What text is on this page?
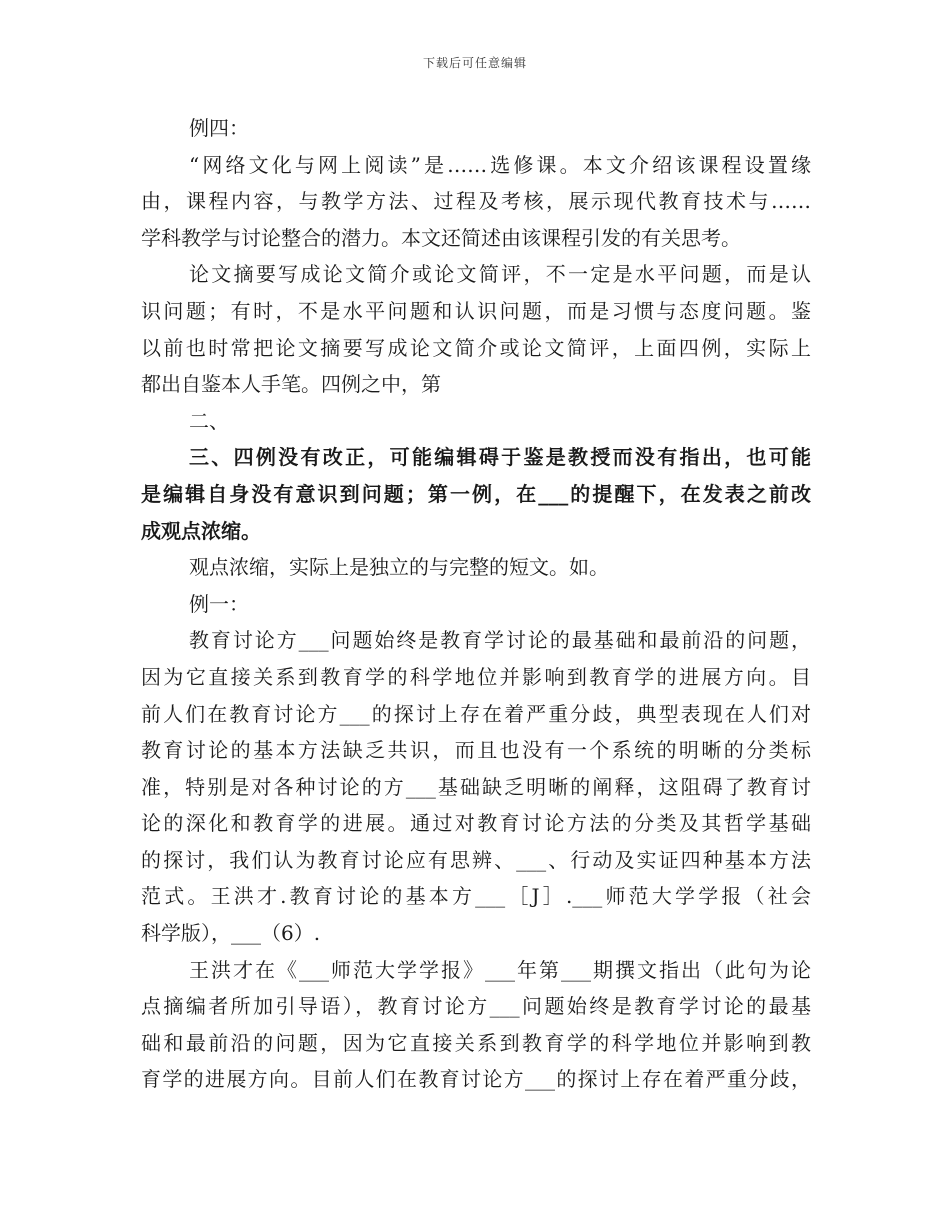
下载后可任意编辑
例四：
“网络文化与网上阅读”是……选修课。本文介绍该课程设置缘
由，课程内容，与教学方法、过程及考核，展示现代教育技术与……
学科教学与讨论整合的潜力。本文还简述由该课程引发的有关思考。
论文摘要写成论文简介或论文简评，不一定是水平问题，而是认
识问题；有时，不是水平问题和认识问题，而是习惯与态度问题。鉴
以前也时常把论文摘要写成论文简介或论文简评，上面四例，实际上
都出自鉴本人手笔。四例之中，第
二、
三、四例没有改正，可能编辑碍于鉴是教授而没有指出，也可能
是编辑自身没有意识到问题；第一例，在___的提醒下，在发表之前改
成观点浓缩。
观点浓缩，实际上是独立的与完整的短文。如。
例一：
教育讨论方___问题始终是教育学讨论的最基础和最前沿的问题，
因为它直接关系到教育学的科学地位并影响到教育学的进展方向。目
前人们在教育讨论方___的探讨上存在着严重分歧，典型表现在人们对
教育讨论的基本方法缺乏共识，而且也没有一个系统的明晰的分类标
准，特别是对各种讨论的方___基础缺乏明晰的阐释，这阻碍了教育讨
论的深化和教育学的进展。通过对教育讨论方法的分类及其哲学基础
的探讨，我们认为教育讨论应有思辨、___、行动及实证四种基本方法
范式。王洪才.教育讨论的基本方___［J］.___师范大学学报（社会
科学版），___（6）.
王洪才在《___师范大学学报》___年第___期撰文指出（此句为论
点摘编者所加引导语），教育讨论方___问题始终是教育学讨论的最基
础和最前沿的问题，因为它直接关系到教育学的科学地位并影响到教
育学的进展方向。目前人们在教育讨论方___的探讨上存在着严重分歧，
